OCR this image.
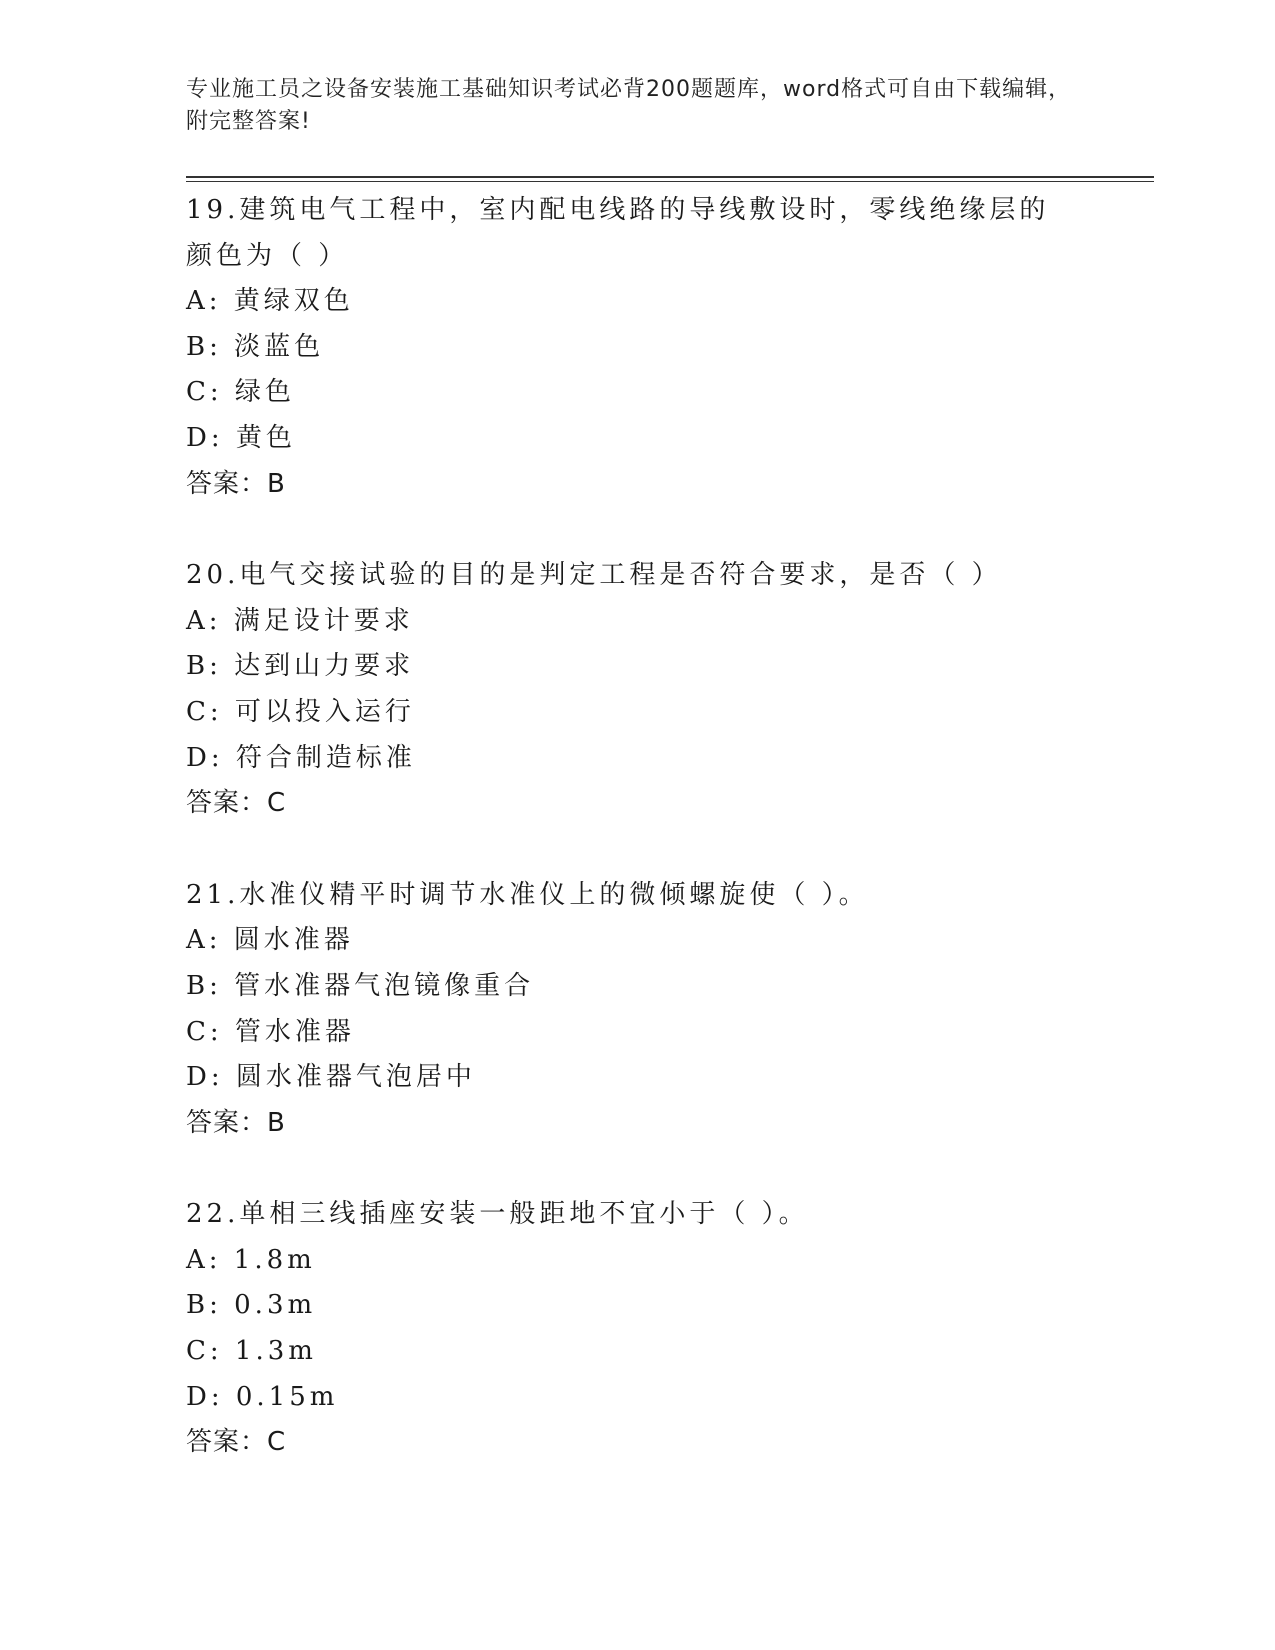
专业施工员之设备安装施工基础知识考试必背200题题库，word格式可自由下载编辑，附完整答案!
19.建筑电气工程中，室内配电线路的导线敷设时，零线绝缘层的颜色为（ ）
A: 黄绿双色
B: 淡蓝色
C: 绿色
D: 黄色
答案：B
20.电气交接试验的目的是判定工程是否符合要求，是否（ ）
A: 满足设计要求
B: 达到山力要求
C: 可以投入运行
D: 符合制造标准
答案：C
21.水准仪精平时调节水准仪上的微倾螺旋使（ ）。
A: 圆水准器
B: 管水准器气泡镜像重合
C: 管水准器
D: 圆水准器气泡居中
答案：B
22.单相三线插座安装一般距地不宜小于（ ）。
A: 1.8m
B: 0.3m
C: 1.3m
D: 0.15m
答案：C
